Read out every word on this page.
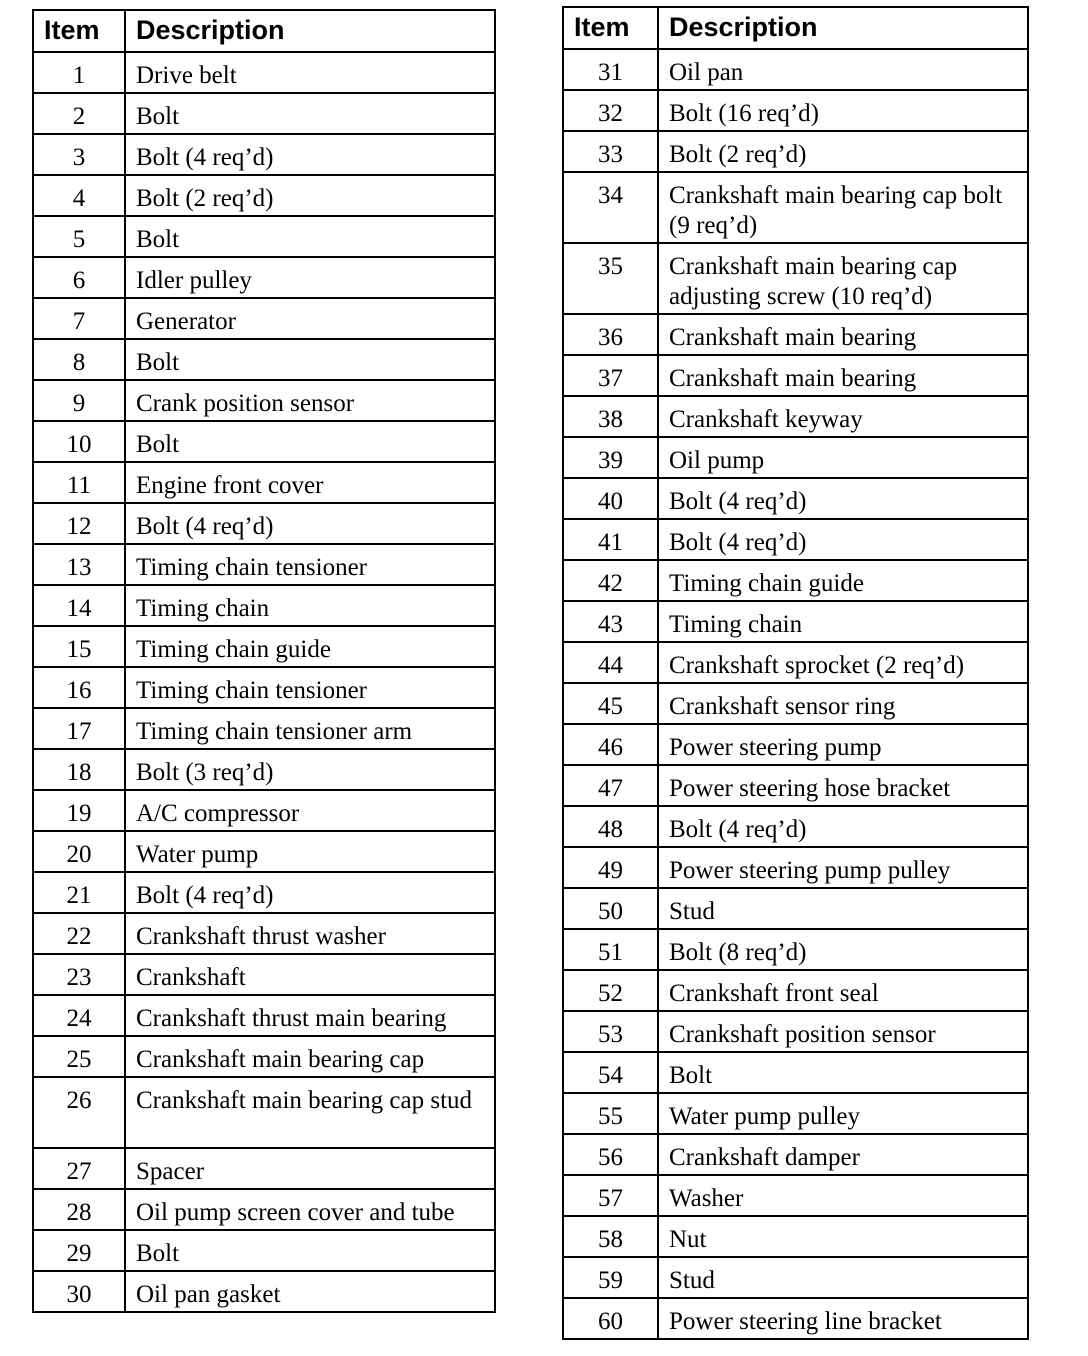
Item	Description
1	Drive belt
2	Bolt
3	Bolt (4 req’d)
4	Bolt (2 req’d)
5	Bolt
6	Idler pulley
7	Generator
8	Bolt
9	Crank position sensor
10	Bolt
11	Engine front cover
12	Bolt (4 req’d)
13	Timing chain tensioner
14	Timing chain
15	Timing chain guide
16	Timing chain tensioner
17	Timing chain tensioner arm
18	Bolt (3 req’d)
19	A/C compressor
20	Water pump
21	Bolt (4 req’d)
22	Crankshaft thrust washer
23	Crankshaft
24	Crankshaft thrust main bearing
25	Crankshaft main bearing cap
26	Crankshaft main bearing cap stud
27	Spacer
28	Oil pump screen cover and tube
29	Bolt
30	Oil pan gasket
Item	Description
31	Oil pan
32	Bolt (16 req’d)
33	Bolt (2 req’d)
34	Crankshaft main bearing cap bolt (9 req’d)
35	Crankshaft main bearing cap adjusting screw (10 req’d)
36	Crankshaft main bearing
37	Crankshaft main bearing
38	Crankshaft keyway
39	Oil pump
40	Bolt (4 req’d)
41	Bolt (4 req’d)
42	Timing chain guide
43	Timing chain
44	Crankshaft sprocket (2 req’d)
45	Crankshaft sensor ring
46	Power steering pump
47	Power steering hose bracket
48	Bolt (4 req’d)
49	Power steering pump pulley
50	Stud
51	Bolt (8 req’d)
52	Crankshaft front seal
53	Crankshaft position sensor
54	Bolt
55	Water pump pulley
56	Crankshaft damper
57	Washer
58	Nut
59	Stud
60	Power steering line bracket
